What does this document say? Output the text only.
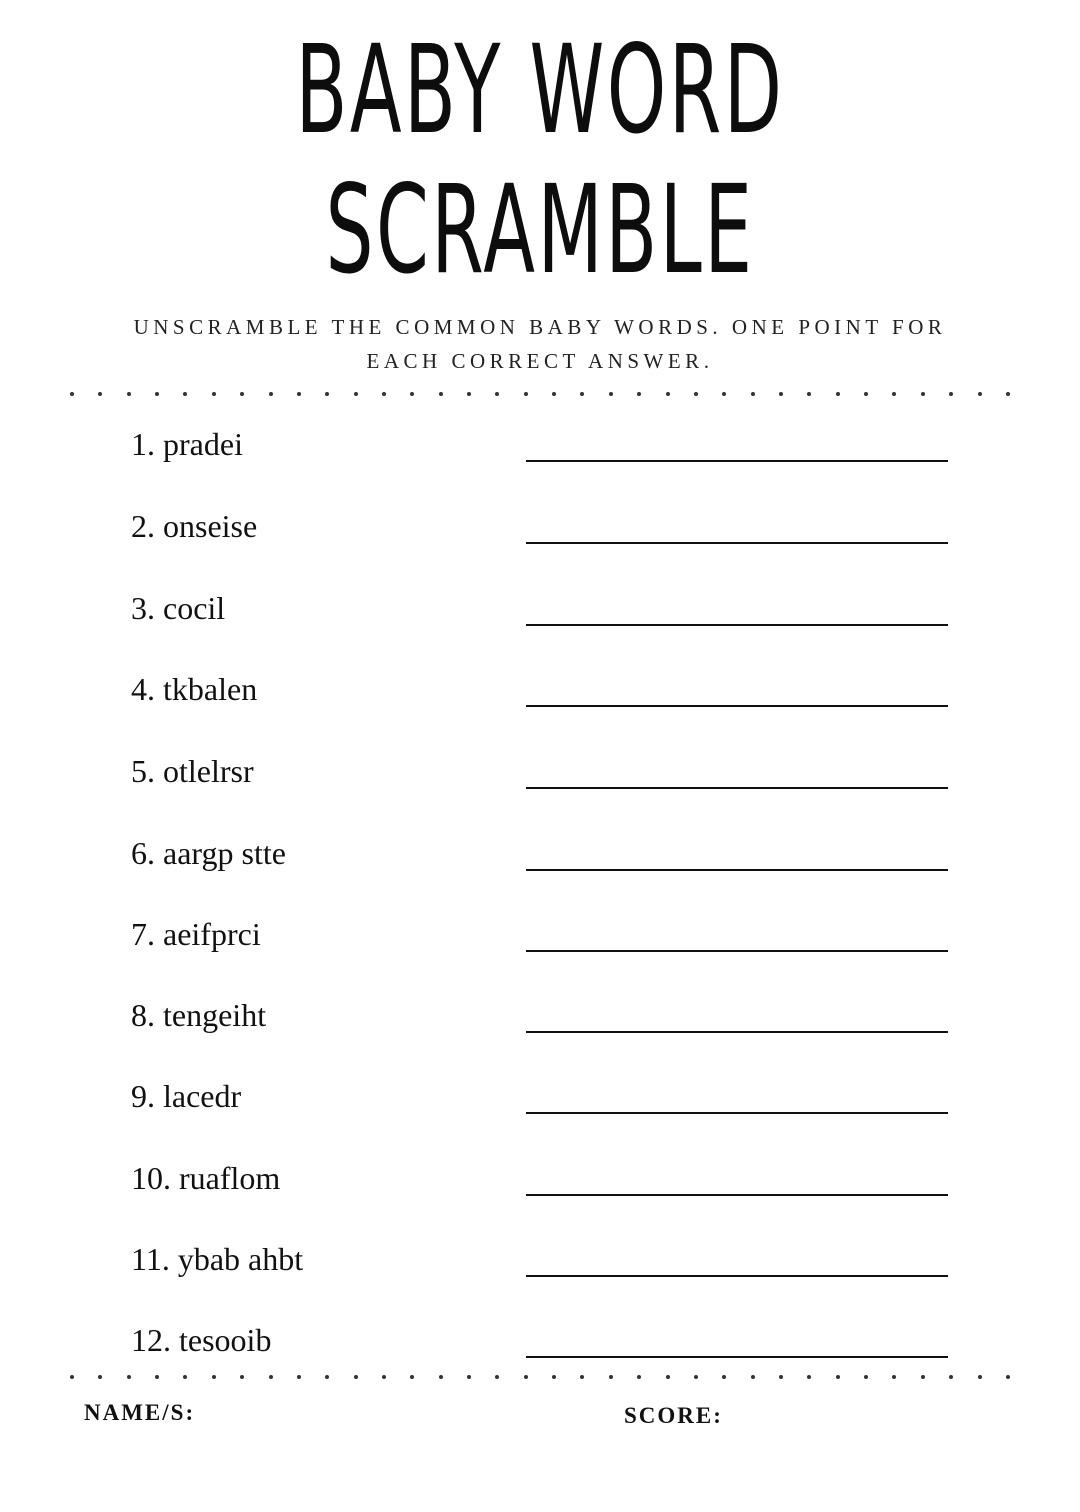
BABY WORD
SCRAMBLE
UNSCRAMBLE THE COMMON BABY WORDS. ONE POINT FOR
EACH CORRECT ANSWER.
1. pradei
2. onseise
3. cocil
4. tkbalen
5. otlelrsr
6. aargp stte
7. aeifprci
8. tengeiht
9. lacedr
10. ruaflom
11. ybab ahbt
12. tesooib
NAME/S:	SCORE:
